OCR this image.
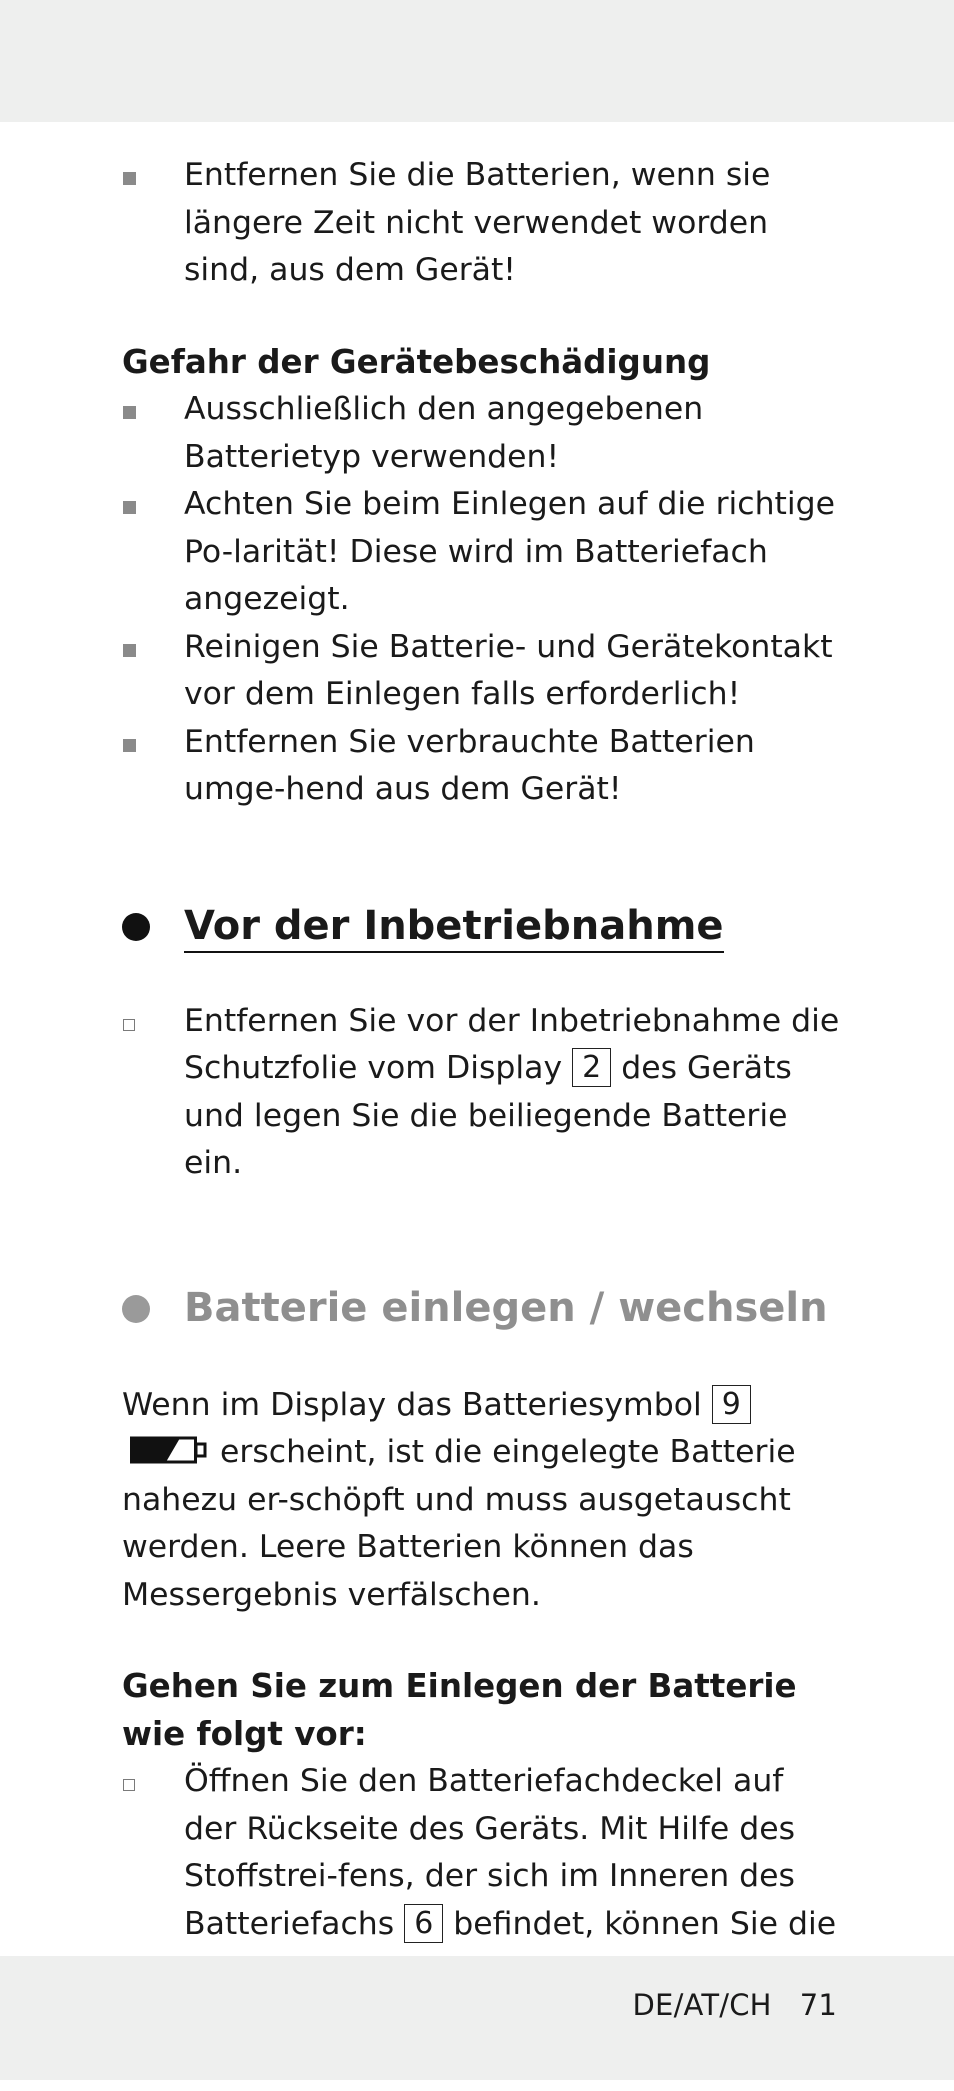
Entfernen Sie die Batterien, wenn sie längere Zeit nicht verwendet worden sind, aus dem Gerät!
Gefahr der Gerätebeschädigung
Ausschließlich den angegebenen Batterietyp verwenden!
Achten Sie beim Einlegen auf die richtige Po-larität! Diese wird im Batteriefach angezeigt.
Reinigen Sie Batterie- und Gerätekontakt vor dem Einlegen falls erforderlich!
Entfernen Sie verbrauchte Batterien umge-hend aus dem Gerät!
Vor der Inbetriebnahme
Entfernen Sie vor der Inbetriebnahme die Schutzfolie vom Display 2 des Geräts und legen Sie die beiliegende Batterie ein.
Batterie einlegen / wechseln
Wenn im Display das Batteriesymbol 9  erscheint, ist die eingelegte Batterie nahezu er-schöpft und muss ausgetauscht werden. Leere Batterien können das Messergebnis verfälschen.
Gehen Sie zum Einlegen der Batterie wie folgt vor:
Öffnen Sie den Batteriefachdeckel auf der Rückseite des Geräts. Mit Hilfe des Stoffstrei-fens, der sich im Inneren des Batteriefachs 6 befindet, können Sie die
DE/AT/CH 71
